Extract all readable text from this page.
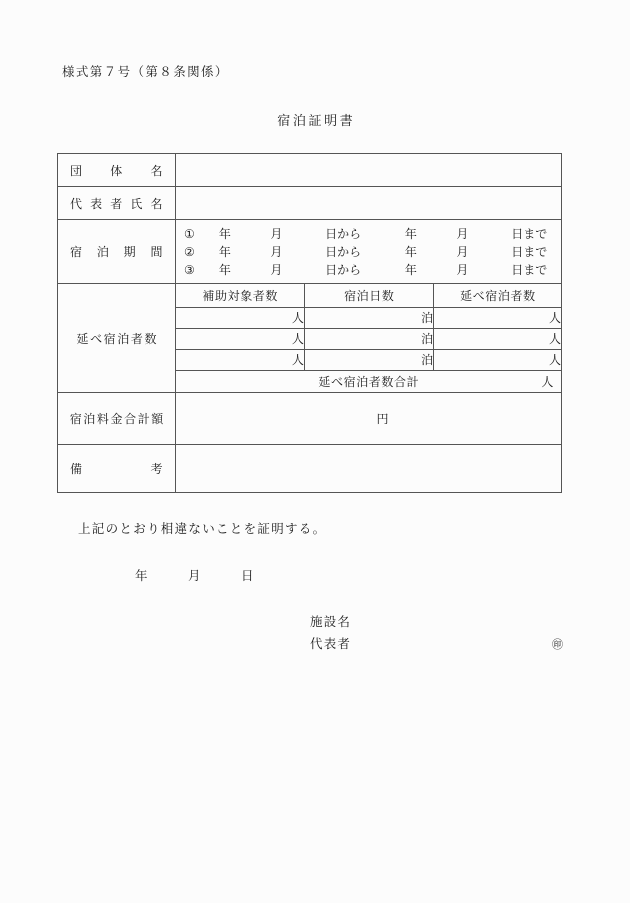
様式第７号（第８条関係）
宿泊証明書
団体名

代表者氏名

宿泊期間

①	年	月	日から	年	月	日まで
②	年	月	日から	年	月	日まで
③	年	月	日から	年	月	日まで

延べ宿泊者数

補助対象者数	宿泊日数	延べ宿泊者数
人	泊	人
人	泊	人
人	泊	人

延べ宿泊者数合計	人

宿泊料金合計額	円

備考

上記のとおり相違ないことを証明する。
年	月	日
施設名
代表者	㊞
